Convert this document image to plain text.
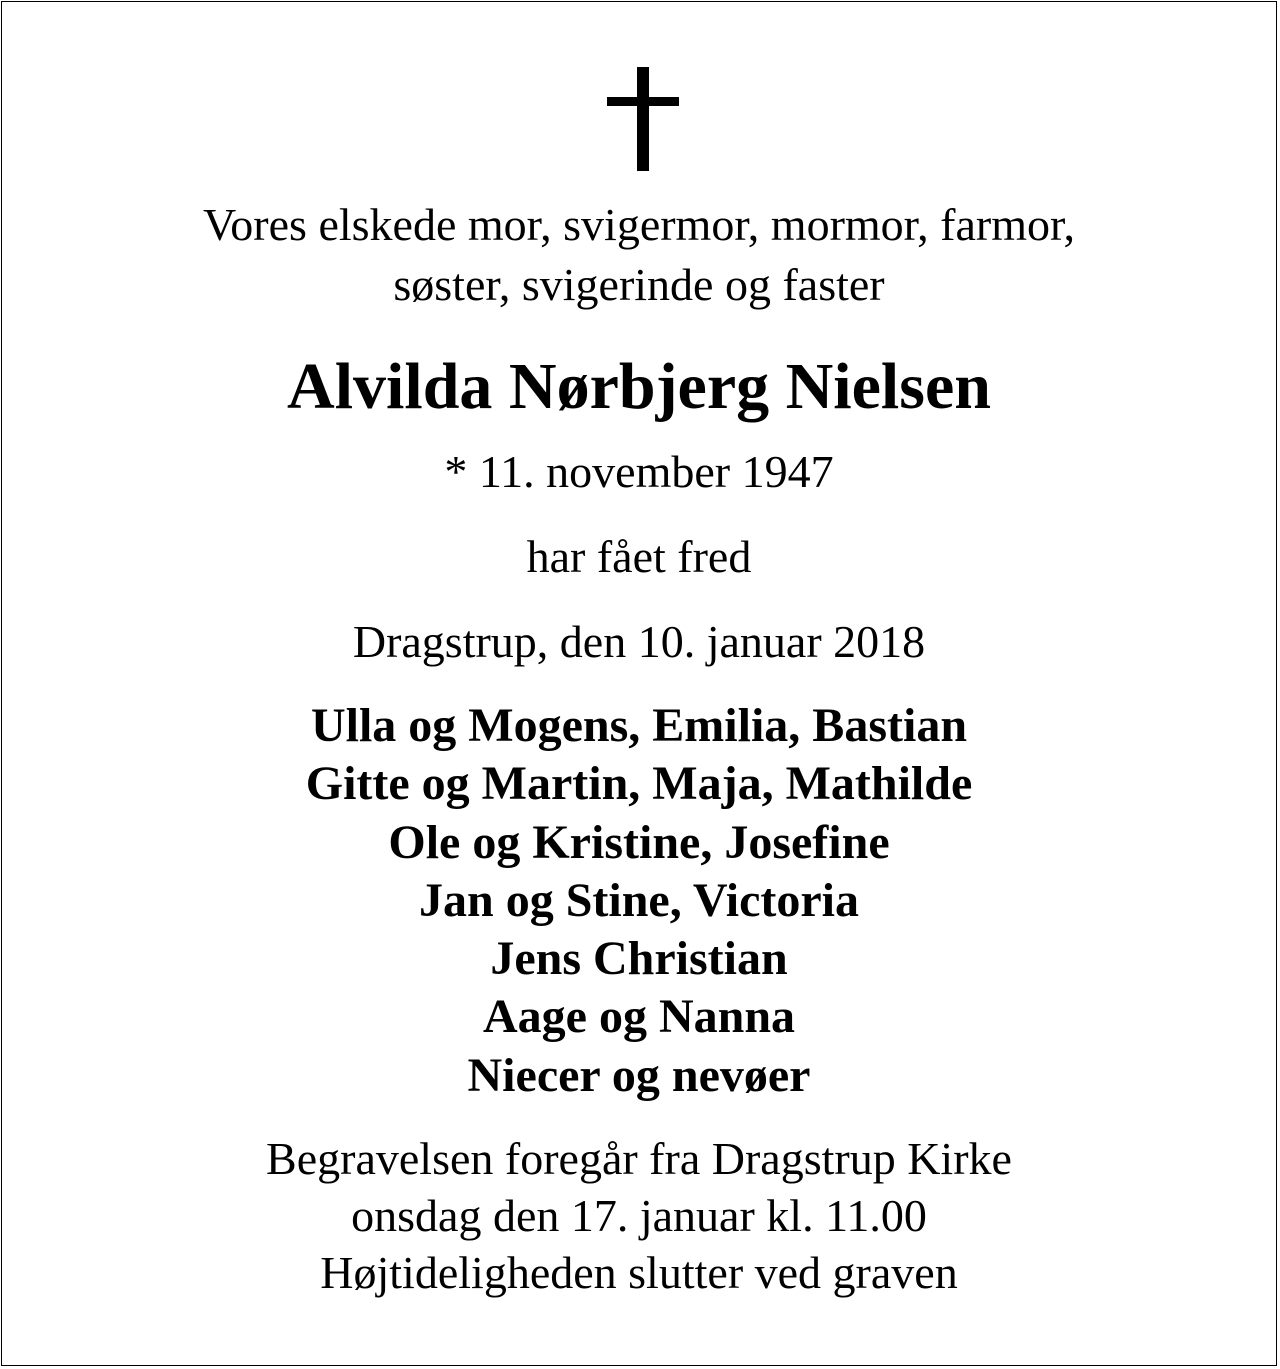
Vores elskede mor, svigermor, mormor, farmor,
søster, svigerinde og faster
Alvilda Nørbjerg Nielsen
* 11. november 1947
har fået fred
Dragstrup, den 10. januar 2018
Ulla og Mogens, Emilia, Bastian
Gitte og Martin, Maja, Mathilde
Ole og Kristine, Josefine
Jan og Stine, Victoria
Jens Christian
Aage og Nanna
Niecer og nevøer
Begravelsen foregår fra Dragstrup Kirke
onsdag den 17. januar kl. 11.00
Højtideligheden slutter ved graven
